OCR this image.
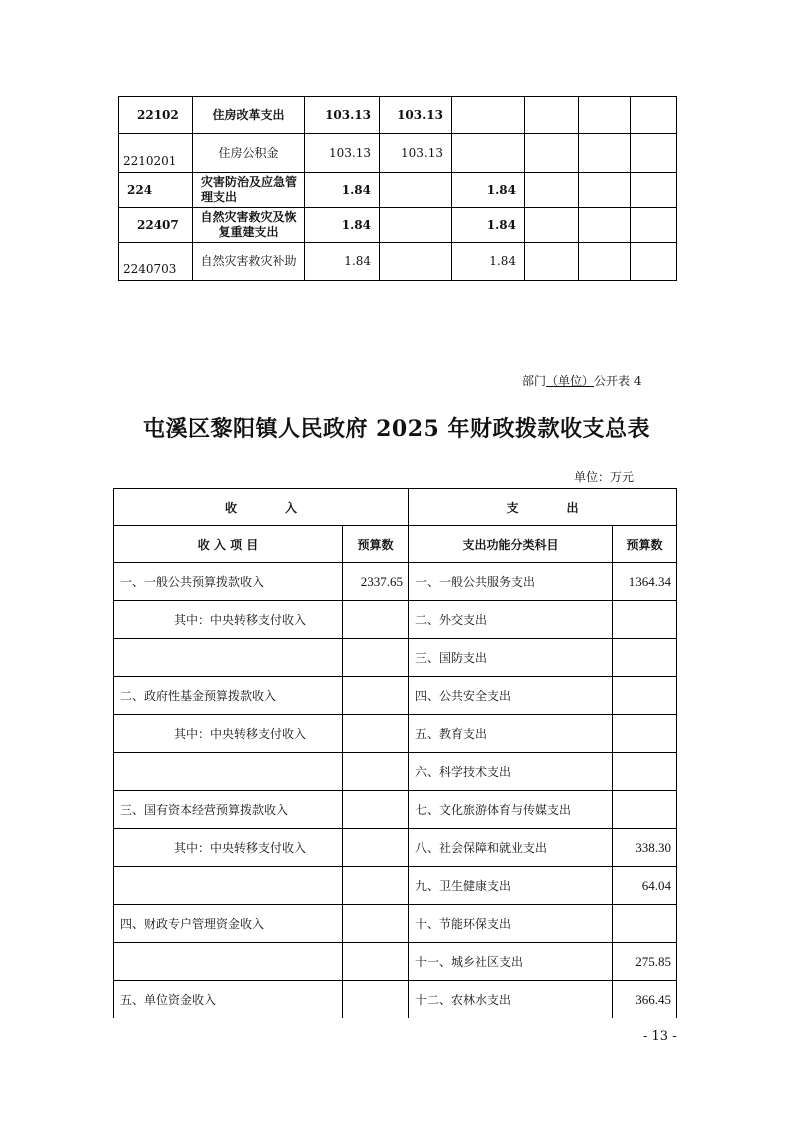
22102	住房改革支出	103.13	103.13				
2210201	住房公积金	103.13	103.13				
224	灾害防治及应急管理支出	1.84		1.84			
22407	自然灾害救灾及恢复重建支出	1.84		1.84			
2240703	自然灾害救灾补助	1.84		1.84			
部门（单位）公开表 4
屯溪区黎阳镇人民政府 2025 年财政拨款收支总表
单位：万元
收　　　　入		支　　　　出	
收 入 项 目	预算数	支出功能分类科目	预算数
一、一般公共预算拨款收入	2337.65	一、一般公共服务支出	1364.34
其中：中央转移支付收入		二、外交支出	
		三、国防支出	
二、政府性基金预算拨款收入		四、公共安全支出	
其中：中央转移支付收入		五、教育支出	
		六、科学技术支出	
三、国有资本经营预算拨款收入		七、文化旅游体育与传媒支出	
其中：中央转移支付收入		八、社会保障和就业支出	338.30
		九、卫生健康支出	64.04
四、财政专户管理资金收入		十、节能环保支出	
		十一、城乡社区支出	275.85
五、单位资金收入		十二、农林水支出	366.45
- 13 -
